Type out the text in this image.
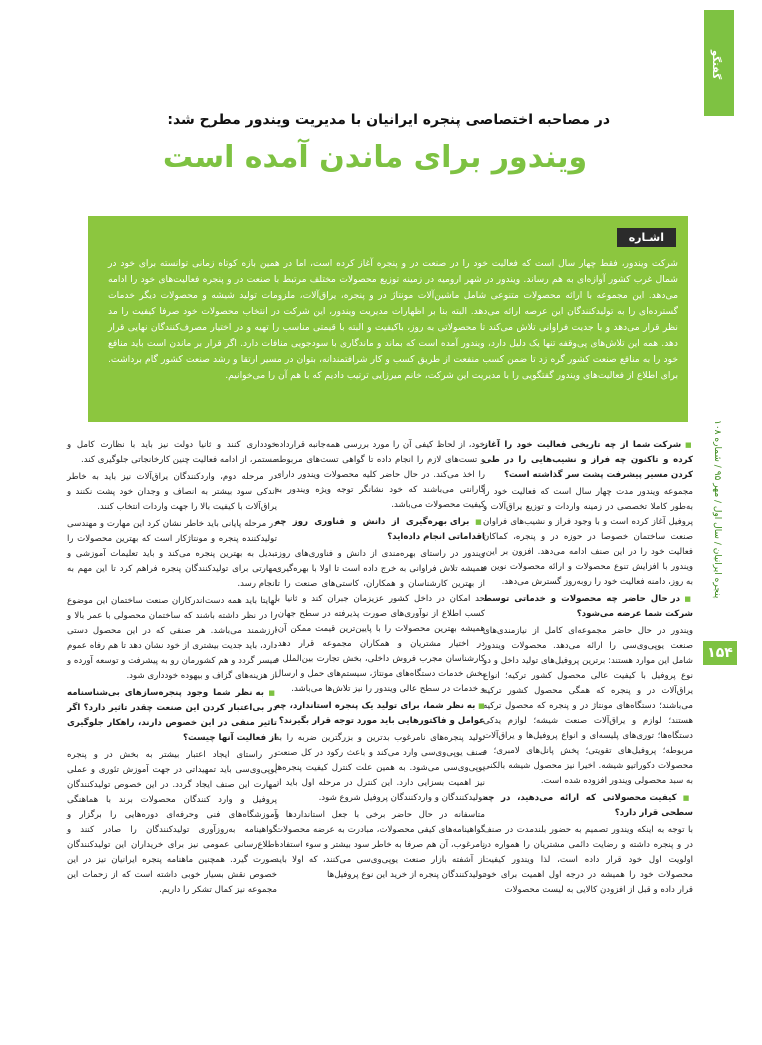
گفتگو
پنجره ایرانیان / سال اول / مهر ۹۵ / شماره ۱۰۸
۱۵۴
در مصاحبه اختصاصی پنجره ایرانیان با مدیریت ویندور مطرح شد:
ویندور برای ماندن آمده است
اشـاره
شرکت ویندور، فقط چهار سال است که فعالیت خود را در صنعت در و پنجره آغاز کرده است، اما در همین بازه کوتاه زمانی توانسته برای خود در شمال غرب کشور آوازه‌ای به هم رساند. ویندور در شهر ارومیه در زمینه توزیع محصولات مختلف مرتبط با صنعت در و پنجره فعالیت‌های خود را ادامه می‌دهد. این مجموعه با ارائه محصولات متنوعی شامل ماشین‌آلات مونتاژ در و پنجره، یراق‌آلات، ملزومات تولید شیشه و محصولات دیگر خدمات گسترده‌ای را به تولیدکنندگان این عرصه ارائه می‌دهد. البته بنا بر اظهارات مدیریت ویندور، این شرکت در انتخاب محصولات خود صرفا کیفیت را مد نظر قرار می‌دهد و با جدیت فراوانی تلاش می‌کند تا محصولاتی به روز، باکیفیت و البته با قیمتی مناسب را تهیه و در اختیار مصرف‌کنندگان نهایی قرار دهد. همه این تلاش‌های پی‌وقفه تنها یک دلیل دارد، ویندور آمده است که بماند و ماندگاری با سودجویی منافات دارد. اگر قرار بر ماندن است باید منافع خود را به منافع صنعت کشور گره زد تا ضمن کسب منفعت از طریق کسب و کار شرافتمندانه، بتوان در مسیر ارتقا و رشد صنعت کشور گام برداشت. برای اطلاع از فعالیت‌های ویندور گفتگویی را با مدیریت این شرکت، خانم میرزایی ترتیب دادیم که با هم آن را می‌خوانیم.

■ شرکت شما از چه تاریخی فعالیت خود را آغاز کرده و تاکنون چه فراز و نشیب‌هایی را در طی کردن مسیر پیشرفت پشت سر گذاشته است؟

مجموعه ویندور مدت چهار سال است که فعالیت خود را به‌طور کاملا تخصصی در زمینه واردات و توزیع یراق‌آلات و پروفیل آغاز کرده است و با وجود فراز و نشیب‌های فراوان صنعت ساختمان خصوصا در حوزه در و پنجره، کماکان فعالیت خود را در این صنف ادامه می‌دهد. افزون بر این، ویندور با افزایش تنوع محصولات و ارائه محصولات نوین و به روز، دامنه فعالیت خود را روبه‌روز گسترش می‌دهد.

■ در حال حاضر چه محصولات و خدماتی توسط شرکت شما عرضه می‌شود؟

ویندور در حال حاضر مجموعه‌ای کامل از نیازمندی‌های صنعت یوپی‌وی‌سی را ارائه می‌دهد. محصولات ویندور شامل این موارد هستند: برترین پروفیل‌های تولید داخل و دو نوع پروفیل با کیفیت عالی محصول کشور ترکیه؛ انواع یراق‌آلات در و پنجره که همگی محصول کشور ترکیه می‌باشند؛ دستگاه‌های مونتاژ در و پنجره که محصول ترکیه هستند؛ لوازم و یراق‌آلات صنعت شیشه؛ لوازم یدکی دستگاه‌ها؛ توری‌های پلیسه‌ای و انواع پروفیل‌ها و یراق‌آلات مربوطه؛ پروفیل‌های تقویتی؛ پخش پانل‌های لامبری؛ و محصولات دکوراتیو شیشه. اخیرا نیز محصول شیشه بالکنی به سبد محصولی ویندور افزوده شده است.

■ کیفیت محصولاتی که ارائه می‌دهید، در چه سطحی قرار دارد؟

با توجه به اینکه ویندور تصمیم به حضور بلندمدت در صنف در و پنجره داشته و رضایت دائمی مشتریان را همواره در اولویت اول خود قرار داده است، لذا ویندور کیفیت محصولات خود را همیشه در درجه اول اهمیت برای خود قرار داده و قبل از افزودن کالایی به لیست محصولات

خود، از لحاظ کیفی آن را مورد بررسی همه‌جانبه قرارداده و تست‌های لازم را انجام داده تا گواهی تست‌های مربوطه را اخذ می‌کند. در حال حاضر کلیه محصولات ویندور دارای گارانتی می‌باشند که خود نشانگر توجه ویژه ویندور به کیفیت محصولات می‌باشد.

■ برای بهره‌گیری از دانش و فناوری روز چه اقداماتی انجام داده‌اید؟

ویندور در راستای بهره‌مندی از دانش و فناوری‌های روز، همیشه تلاش فراوانی به خرج داده است تا اولا با بهره‌گیری از بهترین کارشناسان و همکاران، کاستی‌های صنعت را تا حد امکان در داخل کشور عزیزمان جبران کند و ثانیا با کسب اطلاع از نوآوری‌های صورت پذیرفته در سطح جهان، همیشه بهترین محصولات را با پایین‌ترین قیمت ممکن آن، در اختیار مشتریان و همکاران مجموعه قرار دهد. کارشناسان مجرب فروش داخلی، بخش تجارت بین‌الملل و بخش خدمات دستگاه‌های مونتاژ، سیستم‌های حمل و ارسال و خدمات در سطح عالی ویندور را نیز تلاش‌ها می‌باشد.

■ به نظر شما، برای تولید یک پنجره استاندارد، چه عوامل و فاکتورهایی باید مورد توجه قرار بگیرند؟

تولید پنجره‌های نامرغوب بدترین و بزرگترین ضربه را به صنف یوپی‌وی‌سی وارد می‌کند و باعث رکود در کل صنعت یوپی‌وی‌سی می‌شود. به همین علت کنترل کیفیت پنجره‌ها نیز اهمیت بسزایی دارد. این کنترل در مرحله اول باید از تولیدکنندگان و واردکنندگان پروفیل شروع شود.

متاسفانه در حال حاضر برخی با جعل استانداردها و گواهینامه‌های کیفی محصولات، مبادرت به عرضه محصولات نامرغوب، آن هم صرفا به خاطر سود بیشتر و سوء استفاده از آشفته بازار صنعت یوپی‌وی‌سی می‌کنند، که اولا باید تولیدکنندگان پنجره از خرید این نوع پروفیل‌ها

خودداری کنند و ثانیا دولت نیز باید با نظارت کامل و مستمر، از ادامه فعالیت چنین کارخانجاتی جلوگیری کند.

در مرحله دوم، واردکنندگان یراق‌آلات نیز باید به خاطر اندکی سود بیشتر به انصاف و وجدان خود پشت نکنند و یراق‌آلات با کیفیت بالا را جهت واردات انتخاب کنند.

در مرحله پایانی باید خاطر نشان کرد این مهارت و مهندسی تولیدکننده پنجره و مونتاژکار است که بهترین محصولات را تبدیل به بهترین پنجره می‌کند و باید تعلیمات آموزشی و مهارتی برای تولیدکنندگان پنجره فراهم کرد تا این مهم به انجام رسد.

نهایتا باید همه دست‌اندرکاران صنعت ساختمان این موضوع را در نظر داشته باشند که ساختمان محصولی با عمر بالا و ارزشمند می‌باشد. هر صنفی که در این محصول دستی دارد، باید جدیت بیشتری از خود نشان دهد تا هم رفاه عموم میسر گردد و هم کشورمان رو به پیشرفت و توسعه آورده و از هزینه‌های گزاف و بیهوده خودداری شود.

■ به نظر شما وجود پنجره‌سازهای بی‌شناسنامه در بی‌اعتبار کردن این صنعت چقدر تاثیر دارد؟ اگر تاثیر منفی در این خصوص دارند، راهکار جلوگیری از فعالیت آنها چیست؟

در راستای ایجاد اعتبار بیشتر به بخش در و پنجره یوپی‌وی‌سی باید تمهیداتی در جهت آموزش تئوری و عملی مهارت این صنف ایجاد گردد. در این خصوص تولیدکنندگان پروفیل و وارد کنندگان محصولات برند با هماهنگی آموزشگاه‌های فنی وحرفه‌ای دوره‌هایی را برگزار و گواهینامه به‌روزآوری تولیدکنندگان را صادر کنند و اطلاع‌رسانی عمومی نیز برای خریداران این تولیدکنندگان صورت گیرد. همچنین ماهنامه پنجره ایرانیان نیز در این خصوص نقش بسیار خوبی داشته است که از زحمات این مجموعه نیز کمال تشکر را داریم.
